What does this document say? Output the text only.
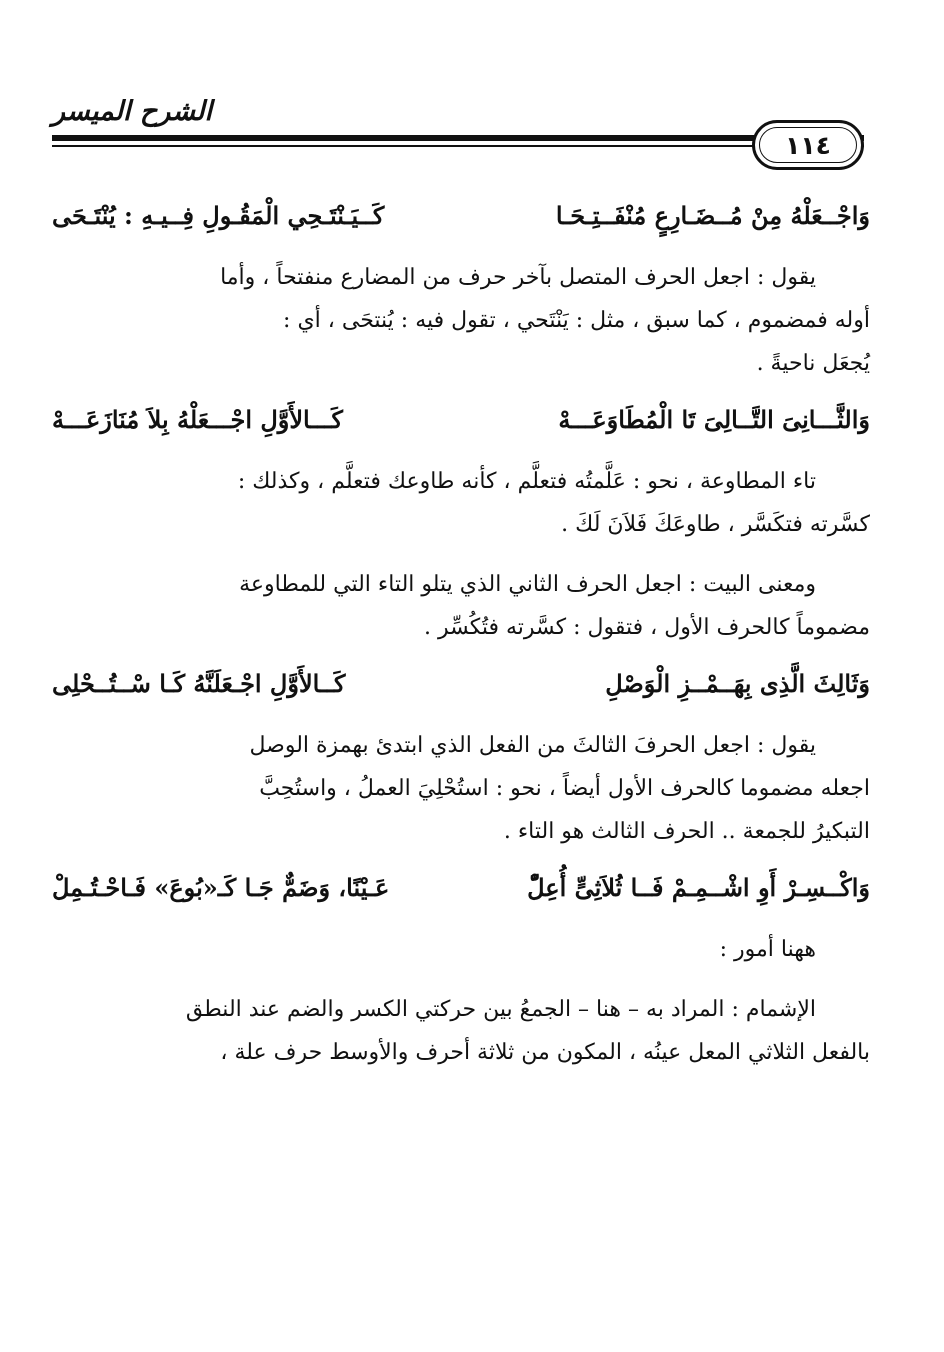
الشرح الميسر
١١٤
وَاجْــعَلْهُ مِنْ مُــضَـارِعٍ مُنْفَــتِـحَـا
كَــيَـنْتَـحِي الْمَقُـولِ فِــيـهِ : يُنْتَـحَى
يقول : اجعل الحرف المتصل بآخر حرف من المضارع منفتحاً ، وأما
أوله فمضموم ، كما سبق ، مثل : يَنْتَحي ، تقول فيه : يُنتحَى ، أي :
يُجعَل ناحيةً .
وَالثَّـــانِىَ التَّــالِىَ تَا الْمُطَاوَعَـــهْ
كَـــالأَوَّلِ اجْـــعَلْهُ بِلاَ مُنَازَعَـــهْ
تاء المطاوعة ، نحو : عَلَّمتُه فتعلَّم ، كأنه طاوعك فتعلَّم ، وكذلك :
كسَّرته فتكَسَّر ، طاوعَكَ فَلاَنَ لَكَ .
ومعنى البيت : اجعل الحرف الثاني الذي يتلو التاء التي للمطاوعة
مضموماً كالحرف الأول ، فتقول : كسَّرته فتُكُسِّر .
وَثَالِثَ الَّذِى بِهَــمْــزِ الْوَصْلِ
كَــالأَوَّلِ اجْـعَلَنَّهُ كَـا سْــتُــحْلِى
يقول : اجعل الحرفَ الثالثَ من الفعل الذي ابتدئ بهمزة الوصل
اجعله مضموما كالحرف الأول أيضاً ، نحو : استُحْلِيَ العملُ ، واستُحِبَّ
التبكيرُ للجمعة .. الحرف الثالث هو التاء .
وَاكْــسِـرْ أَوِ اشْــمِـمْ فَــا ثُلاَثِىٍّ أُعِلّْ
عَـيْنًا، وَضَمٌّ جَـا كَـ«بُوعَ» فَـاحْـتُـمِلْ
ههنا أمور :
الإشمام : المراد به – هنا – الجمعُ بين حركتي الكسر والضم عند النطق
بالفعل الثلاثي المعل عينُه ، المكون من ثلاثة أحرف والأوسط حرف علة ،
